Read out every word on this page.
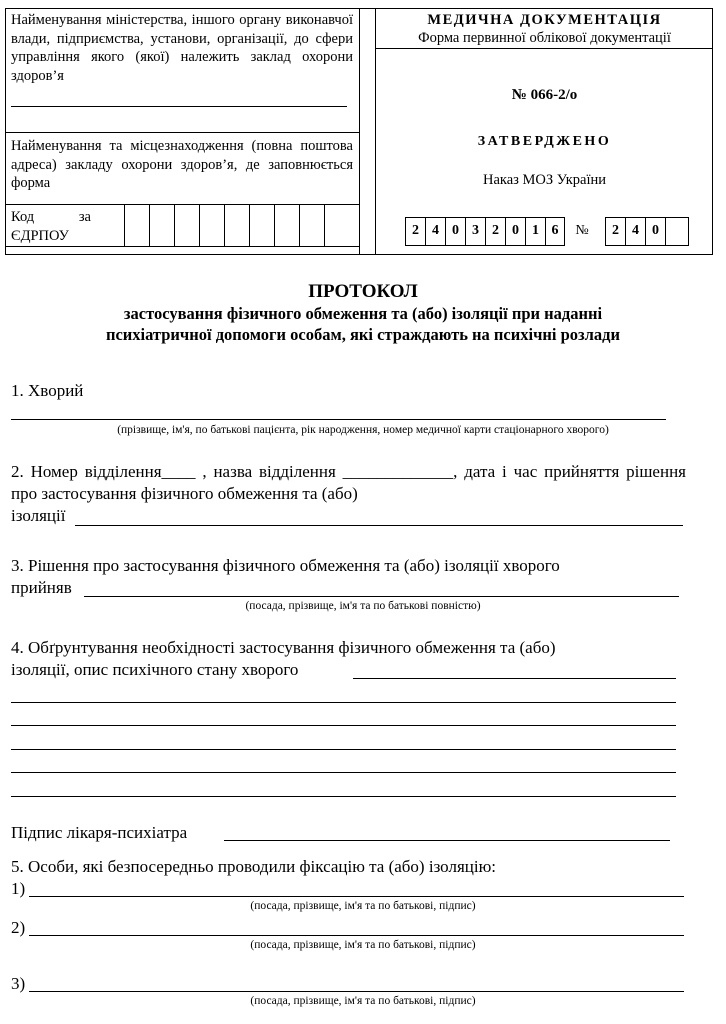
Найменування міністерства, іншого органу виконавчої влади, підприємства, установи, організації, до сфери управління якого (якої) належить заклад охорони здоров’я
Найменування та місцезнаходження (повна поштова адреса) закладу охорони здоров’я, де заповнюється форма
Код за ЄДРПОУ
МЕДИЧНА ДОКУМЕНТАЦІЯ
Форма первинної облікової документації
№ 066-2/о
ЗАТВЕРДЖЕНО
Наказ МОЗ України
2 4 0 3 2 0 1 6	№	2 4 0
ПРОТОКОЛ
застосування фізичного обмеження та (або) ізоляції при наданні
психіатричної допомоги особам, які страждають на психічні розлади
1. Хворий
(прізвище, ім'я, по батькові пацієнта, рік народження, номер медичної карти стаціонарного хворого)
2. Номер відділення____ , назва відділення _____________, дата і час прийняття рішення про застосування фізичного обмеження та (або)
ізоляції
3. Рішення про застосування фізичного обмеження та (або) ізоляції хворого
прийняв
(посада, прізвище, ім'я та по батькові повністю)
4. Обґрунтування необхідності застосування фізичного обмеження та (або)
ізоляції, опис психічного стану хворого
Підпис лікаря-психіатра
5. Особи, які безпосередньо проводили фіксацію та (або) ізоляцію:
1)
(посада, прізвище, ім'я та по батькові, підпис)
2)
(посада, прізвище, ім'я та по батькові, підпис)
3)
(посада, прізвище, ім'я та по батькові, підпис)
